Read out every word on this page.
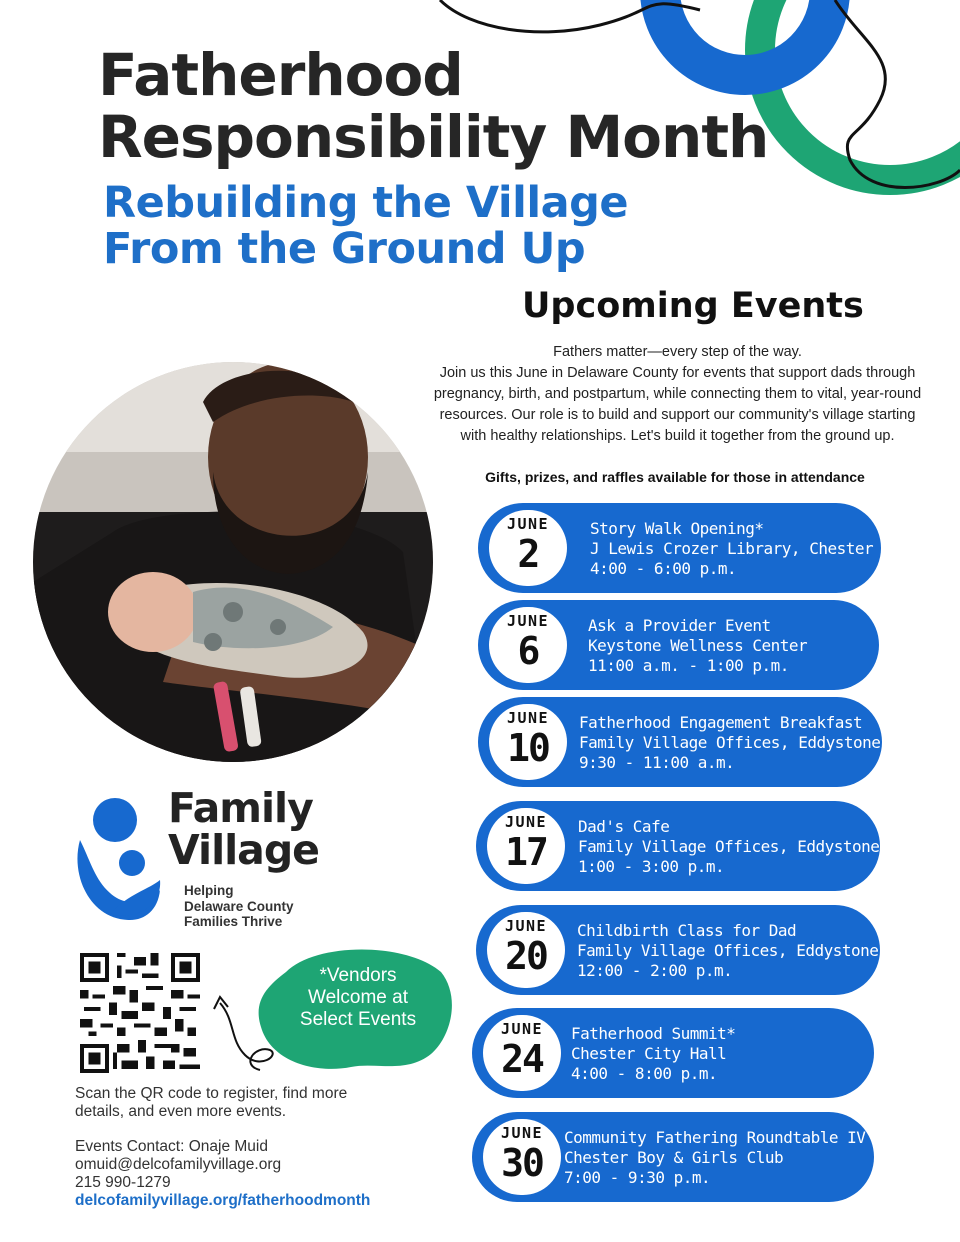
Fatherhood
Responsibility Month
Rebuilding the Village
From the Ground Up
Upcoming Events

Fathers matter—every step of the way.

Join us this June in Delaware County for events that support dads through

pregnancy, birth, and postpartum, while connecting them to vital, year-round

resources. Our role is to build and support our community's village starting

with healthy relationships. Let's build it together from the ground up.

Gifts, prizes, and raffles available for those in attendance
Family
Village
Helping
Delaware County
Families Thrive
*Vendors
Welcome at
Select Events

Scan the QR code to register, find more details, and even more events.

Events Contact: Onaje Muid
omuid@delcofamilyvillage.org
215 990-1279
delcofamilyvillage.org/fatherhoodmonth
JUNE
2
Story Walk Opening*
J Lewis Crozer Library, Chester
4:00 - 6:00 p.m.
JUNE
6
Ask a Provider Event
Keystone Wellness Center
11:00 a.m. - 1:00 p.m.
JUNE
10
Fatherhood Engagement Breakfast
Family Village Offices, Eddystone
9:30 - 11:00 a.m.
JUNE
17
Dad's Cafe
Family Village Offices, Eddystone
1:00 - 3:00 p.m.
JUNE
20
Childbirth Class for Dad
Family Village Offices, Eddystone
12:00 - 2:00 p.m.
JUNE
24
Fatherhood Summit*
Chester City Hall
4:00 - 8:00 p.m.
JUNE
30
Community Fathering Roundtable IV
Chester Boy & Girls Club
7:00 - 9:30 p.m.
